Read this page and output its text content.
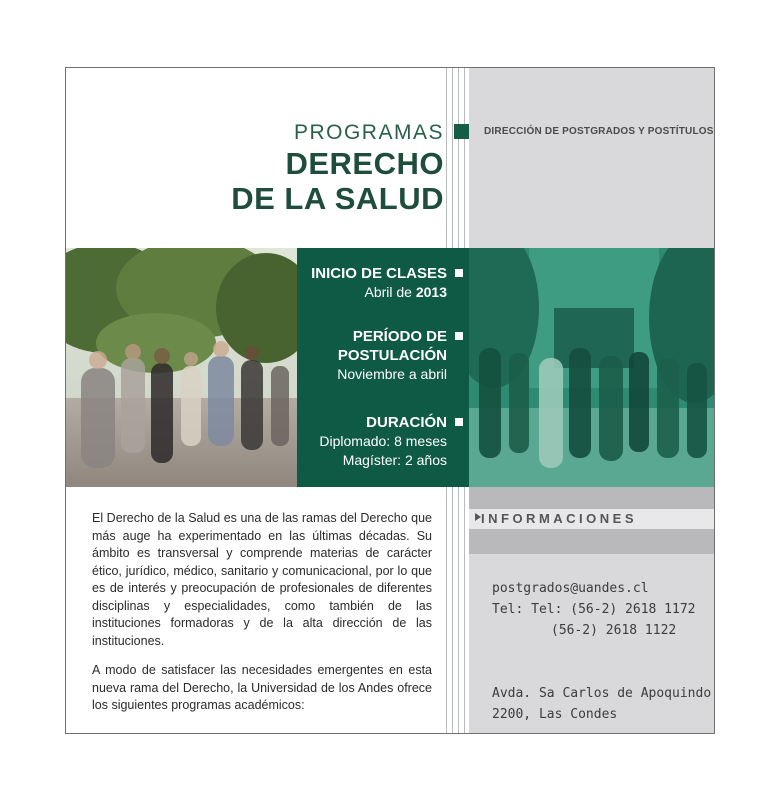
PROGRAMAS
DERECHO
DE LA SALUD
DIRECCIÓN DE POSTGRADOS Y POSTÍTULOS
INICIO DE CLASES
Abril de 2013
PERÍODO DE
POSTULACIÓN
Noviembre a abril
DURACIÓN
Diplomado: 8 meses
Magíster: 2 años

El Derecho de la Salud es una de las ramas del Derecho que más auge ha experimentado en las últimas décadas. Su ámbito es transversal y comprende materias de carácter ético, jurídico, médico, sanitario y comunicacional, por lo que es de interés y preocupación de profesionales de diferentes disciplinas y especialidades, como también de las instituciones formadoras y de la alta dirección de las instituciones.

A modo de satisfacer las necesidades emergentes en esta nueva rama del Derecho, la Universidad de los Andes ofrece los siguientes programas académicos:

INFORMACIONES
postgrados@uandes.cl
Tel: Tel: (56-2) 2618 1172
(56-2) 2618 1122
Avda. Sa Carlos de Apoquindo
2200, Las Condes
